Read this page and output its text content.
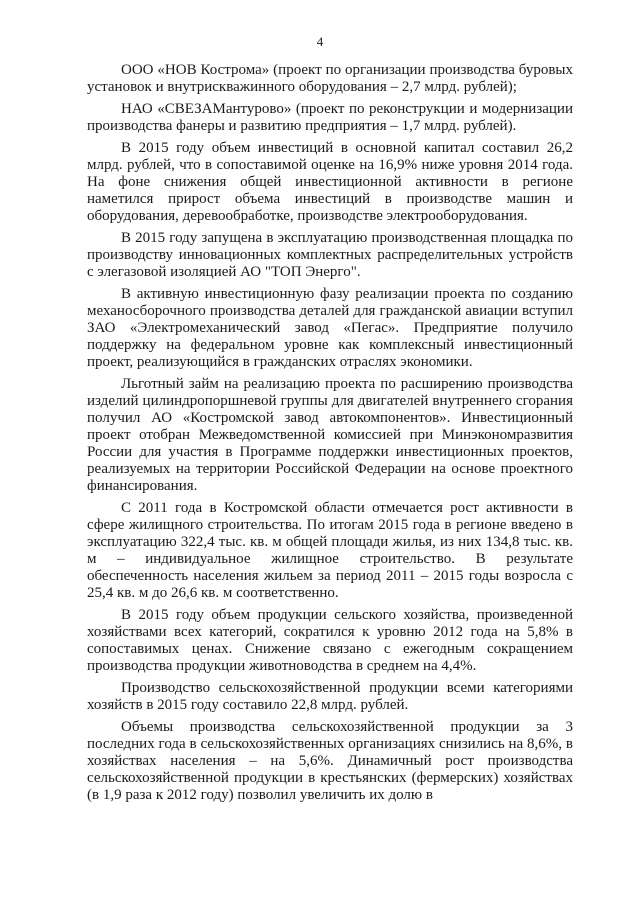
4

ООО «НОВ Кострома» (проект по организации производства буровых установок и внутрискважинного оборудования – 2,7 млрд. рублей);

НАО «СВЕЗАМантурово» (проект по реконструкции и модернизации производства фанеры и развитию предприятия – 1,7 млрд. рублей).

В 2015 году объем инвестиций в основной капитал составил 26,2 млрд. рублей, что в сопоставимой оценке на 16,9% ниже уровня 2014 года. На фоне снижения общей инвестиционной активности в регионе наметился прирост объема инвестиций в производстве машин и оборудования, деревообработке, производстве электрооборудования.

В 2015 году запущена в эксплуатацию производственная площадка по производству инновационных комплектных распределительных устройств с элегазовой изоляцией АО "ТОП Энерго".

В активную инвестиционную фазу реализации проекта по созданию механосборочного производства деталей для гражданской авиации вступил ЗАО «Электромеханический завод «Пегас». Предприятие получило поддержку на федеральном уровне как комплексный инвестиционный проект, реализующийся в гражданских отраслях экономики.

Льготный займ на реализацию проекта по расширению производства изделий цилиндропоршневой группы для двигателей внутреннего сгорания получил АО «Костромской завод автокомпонентов». Инвестиционный проект отобран Межведомственной комиссией при Минэкономразвития России для участия в Программе поддержки инвестиционных проектов, реализуемых на территории Российской Федерации на основе проектного финансирования.

С 2011 года в Костромской области отмечается рост активности в сфере жилищного строительства. По итогам 2015 года в регионе введено в эксплуатацию 322,4 тыс. кв. м общей площади жилья, из них 134,8 тыс. кв. м – индивидуальное жилищное строительство. В результате обеспеченность населения жильем за период 2011 – 2015 годы возросла с 25,4 кв. м до 26,6 кв. м соответственно.

В 2015 году объем продукции сельского хозяйства, произведенной хозяйствами всех категорий, сократился к уровню 2012 года на 5,8% в сопоставимых ценах. Снижение связано с ежегодным сокращением производства продукции животноводства в среднем на 4,4%.

Производство сельскохозяйственной продукции всеми категориями хозяйств в 2015 году составило 22,8 млрд. рублей.

Объемы производства сельскохозяйственной продукции за 3 последних года в сельскохозяйственных организациях снизились на 8,6%, в хозяйствах населения – на 5,6%. Динамичный рост производства сельскохозяйственной продукции в крестьянских (фермерских) хозяйствах (в 1,9 раза к 2012 году) позволил увеличить их долю в
